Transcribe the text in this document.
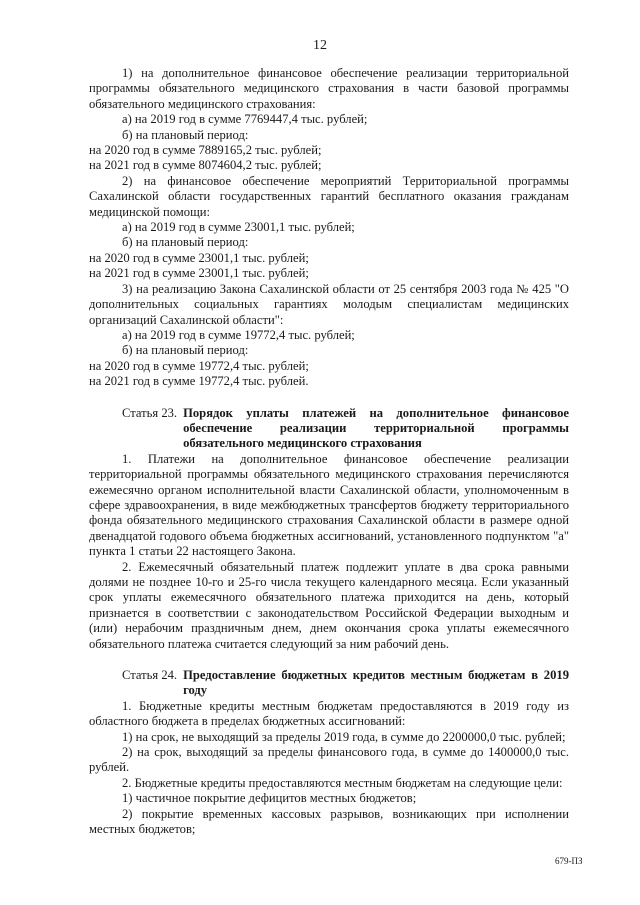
12

1) на дополнительное финансовое обеспечение реализации территориальной программы обязательного медицинского страхования в части базовой программы обязательного медицинского страхования:

а) на 2019 год в сумме 7769447,4 тыс. рублей;

б) на плановый период:

на 2020 год в сумме 7889165,2 тыс. рублей;

на 2021 год в сумме 8074604,2 тыс. рублей;

2) на финансовое обеспечение мероприятий Территориальной программы Сахалинской области государственных гарантий бесплатного оказания гражданам медицинской помощи:

а) на 2019 год в сумме 23001,1 тыс. рублей;

б) на плановый период:

на 2020 год в сумме 23001,1 тыс. рублей;

на 2021 год в сумме 23001,1 тыс. рублей;

3) на реализацию Закона Сахалинской области от 25 сентября 2003 года № 425 "О дополнительных социальных гарантиях молодым специалистам медицинских организаций Сахалинской области":

а) на 2019 год в сумме 19772,4 тыс. рублей;

б) на плановый период:

на 2020 год в сумме 19772,4 тыс. рублей;

на 2021 год в сумме 19772,4 тыс. рублей.

Статья 23. Порядок уплаты платежей на дополнительное финансовое обеспечение реализации территориальной программы обязательного медицинского страхования

1. Платежи на дополнительное финансовое обеспечение реализации территориальной программы обязательного медицинского страхования перечисляются ежемесячно органом исполнительной власти Сахалинской области, уполномоченным в сфере здравоохранения, в виде межбюджетных трансфертов бюджету территориального фонда обязательного медицинского страхования Сахалинской области в размере одной двенадцатой годового объема бюджетных ассигнований, установленного подпунктом "а" пункта 1 статьи 22 настоящего Закона.

2. Ежемесячный обязательный платеж подлежит уплате в два срока равными долями не позднее 10-го и 25-го числа текущего календарного месяца. Если указанный срок уплаты ежемесячного обязательного платежа приходится на день, который признается в соответствии с законодательством Российской Федерации выходным и (или) нерабочим праздничным днем, днем окончания срока уплаты ежемесячного обязательного платежа считается следующий за ним рабочий день.

Статья 24. Предоставление бюджетных кредитов местным бюджетам в 2019 году

1. Бюджетные кредиты местным бюджетам предоставляются в 2019 году из областного бюджета в пределах бюджетных ассигнований:

1) на срок, не выходящий за пределы 2019 года, в сумме до 2200000,0 тыс. рублей;

2) на срок, выходящий за пределы финансового года, в сумме до 1400000,0 тыс. рублей.

2. Бюджетные кредиты предоставляются местным бюджетам на следующие цели:

1) частичное покрытие дефицитов местных бюджетов;

2) покрытие временных кассовых разрывов, возникающих при исполнении местных бюджетов;

679-ПЗ
